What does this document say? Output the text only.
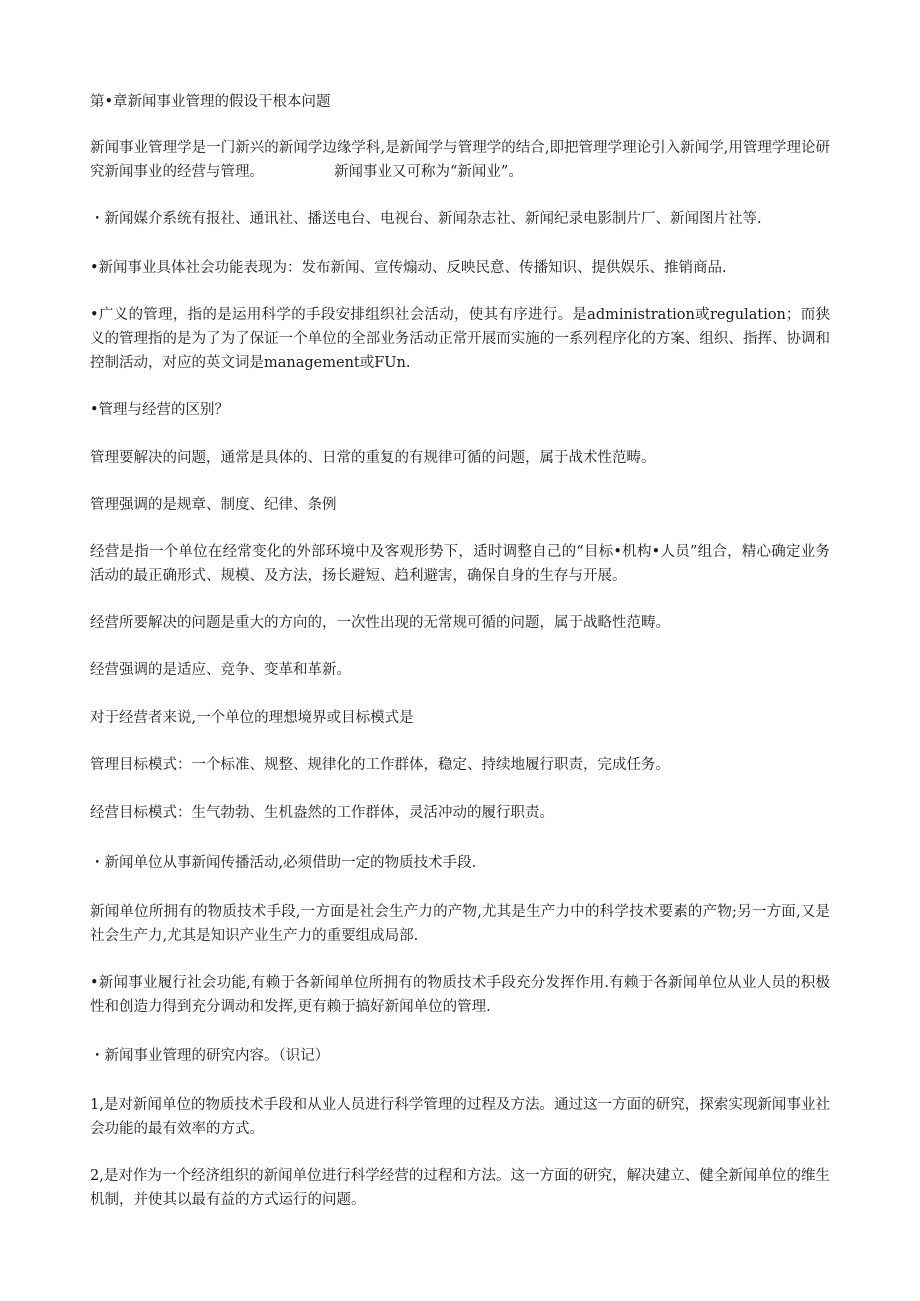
第•章新闻事业管理的假设干根本问题

新闻事业管理学是一门新兴的新闻学边缘学科,是新闻学与管理学的结合,即把管理学理论引入新闻学,用管理学理论研究新闻事业的经营与管理。	新闻事业又可称为“新闻业”。

・新闻媒介系统有报社、通讯社、播送电台、电视台、新闻杂志社、新闻纪录电影制片厂、新闻图片社等.

•新闻事业具体社会功能表现为：发布新闻、宣传煽动、反映民意、传播知识、提供娱乐、推销商品.

•广义的管理，指的是运用科学的手段安排组织社会活动，使其有序进行。是administration或regulation；而狭义的管理指的是为了为了保证一个单位的全部业务活动正常开展而实施的一系列程序化的方案、组织、指挥、协调和控制活动，对应的英文词是management或FUn.

•管理与经营的区别？

管理要解决的问题，通常是具体的、日常的重复的有规律可循的问题，属于战术性范畴。

管理强调的是规章、制度、纪律、条例

经营是指一个单位在经常变化的外部环境中及客观形势下，适时调整自己的“目标•机构•人员”组合，精心确定业务活动的最正确形式、规模、及方法，扬长避短、趋利避害，确保自身的生存与开展。

经营所要解决的问题是重大的方向的，一次性出现的无常规可循的问题，属于战略性范畴。

经营强调的是适应、竞争、变革和革新。

对于经营者来说,一个单位的理想境界或目标模式是

管理目标模式：一个标准、规整、规律化的工作群体，稳定、持续地履行职责，完成任务。

经营目标模式：生气勃勃、生机盎然的工作群体，灵活冲动的履行职责。

・新闻单位从事新闻传播活动,必须借助一定的物质技术手段.

新闻单位所拥有的物质技术手段,一方面是社会生产力的产物,尤其是生产力中的科学技术要素的产物;另一方面,又是社会生产力,尤其是知识产业生产力的重要组成局部.

•新闻事业履行社会功能,有赖于各新闻单位所拥有的物质技术手段充分发挥作用.有赖于各新闻单位从业人员的积极性和创造力得到充分调动和发挥,更有赖于搞好新闻单位的管理.

・新闻事业管理的研究内容。（识记）

1,是对新闻单位的物质技术手段和从业人员进行科学管理的过程及方法。通过这一方面的研究，探索实现新闻事业社会功能的最有效率的方式。

2,是对作为一个经济组织的新闻单位进行科学经营的过程和方法。这一方面的研究，解决建立、健全新闻单位的维生机制，并使其以最有益的方式运行的问题。
